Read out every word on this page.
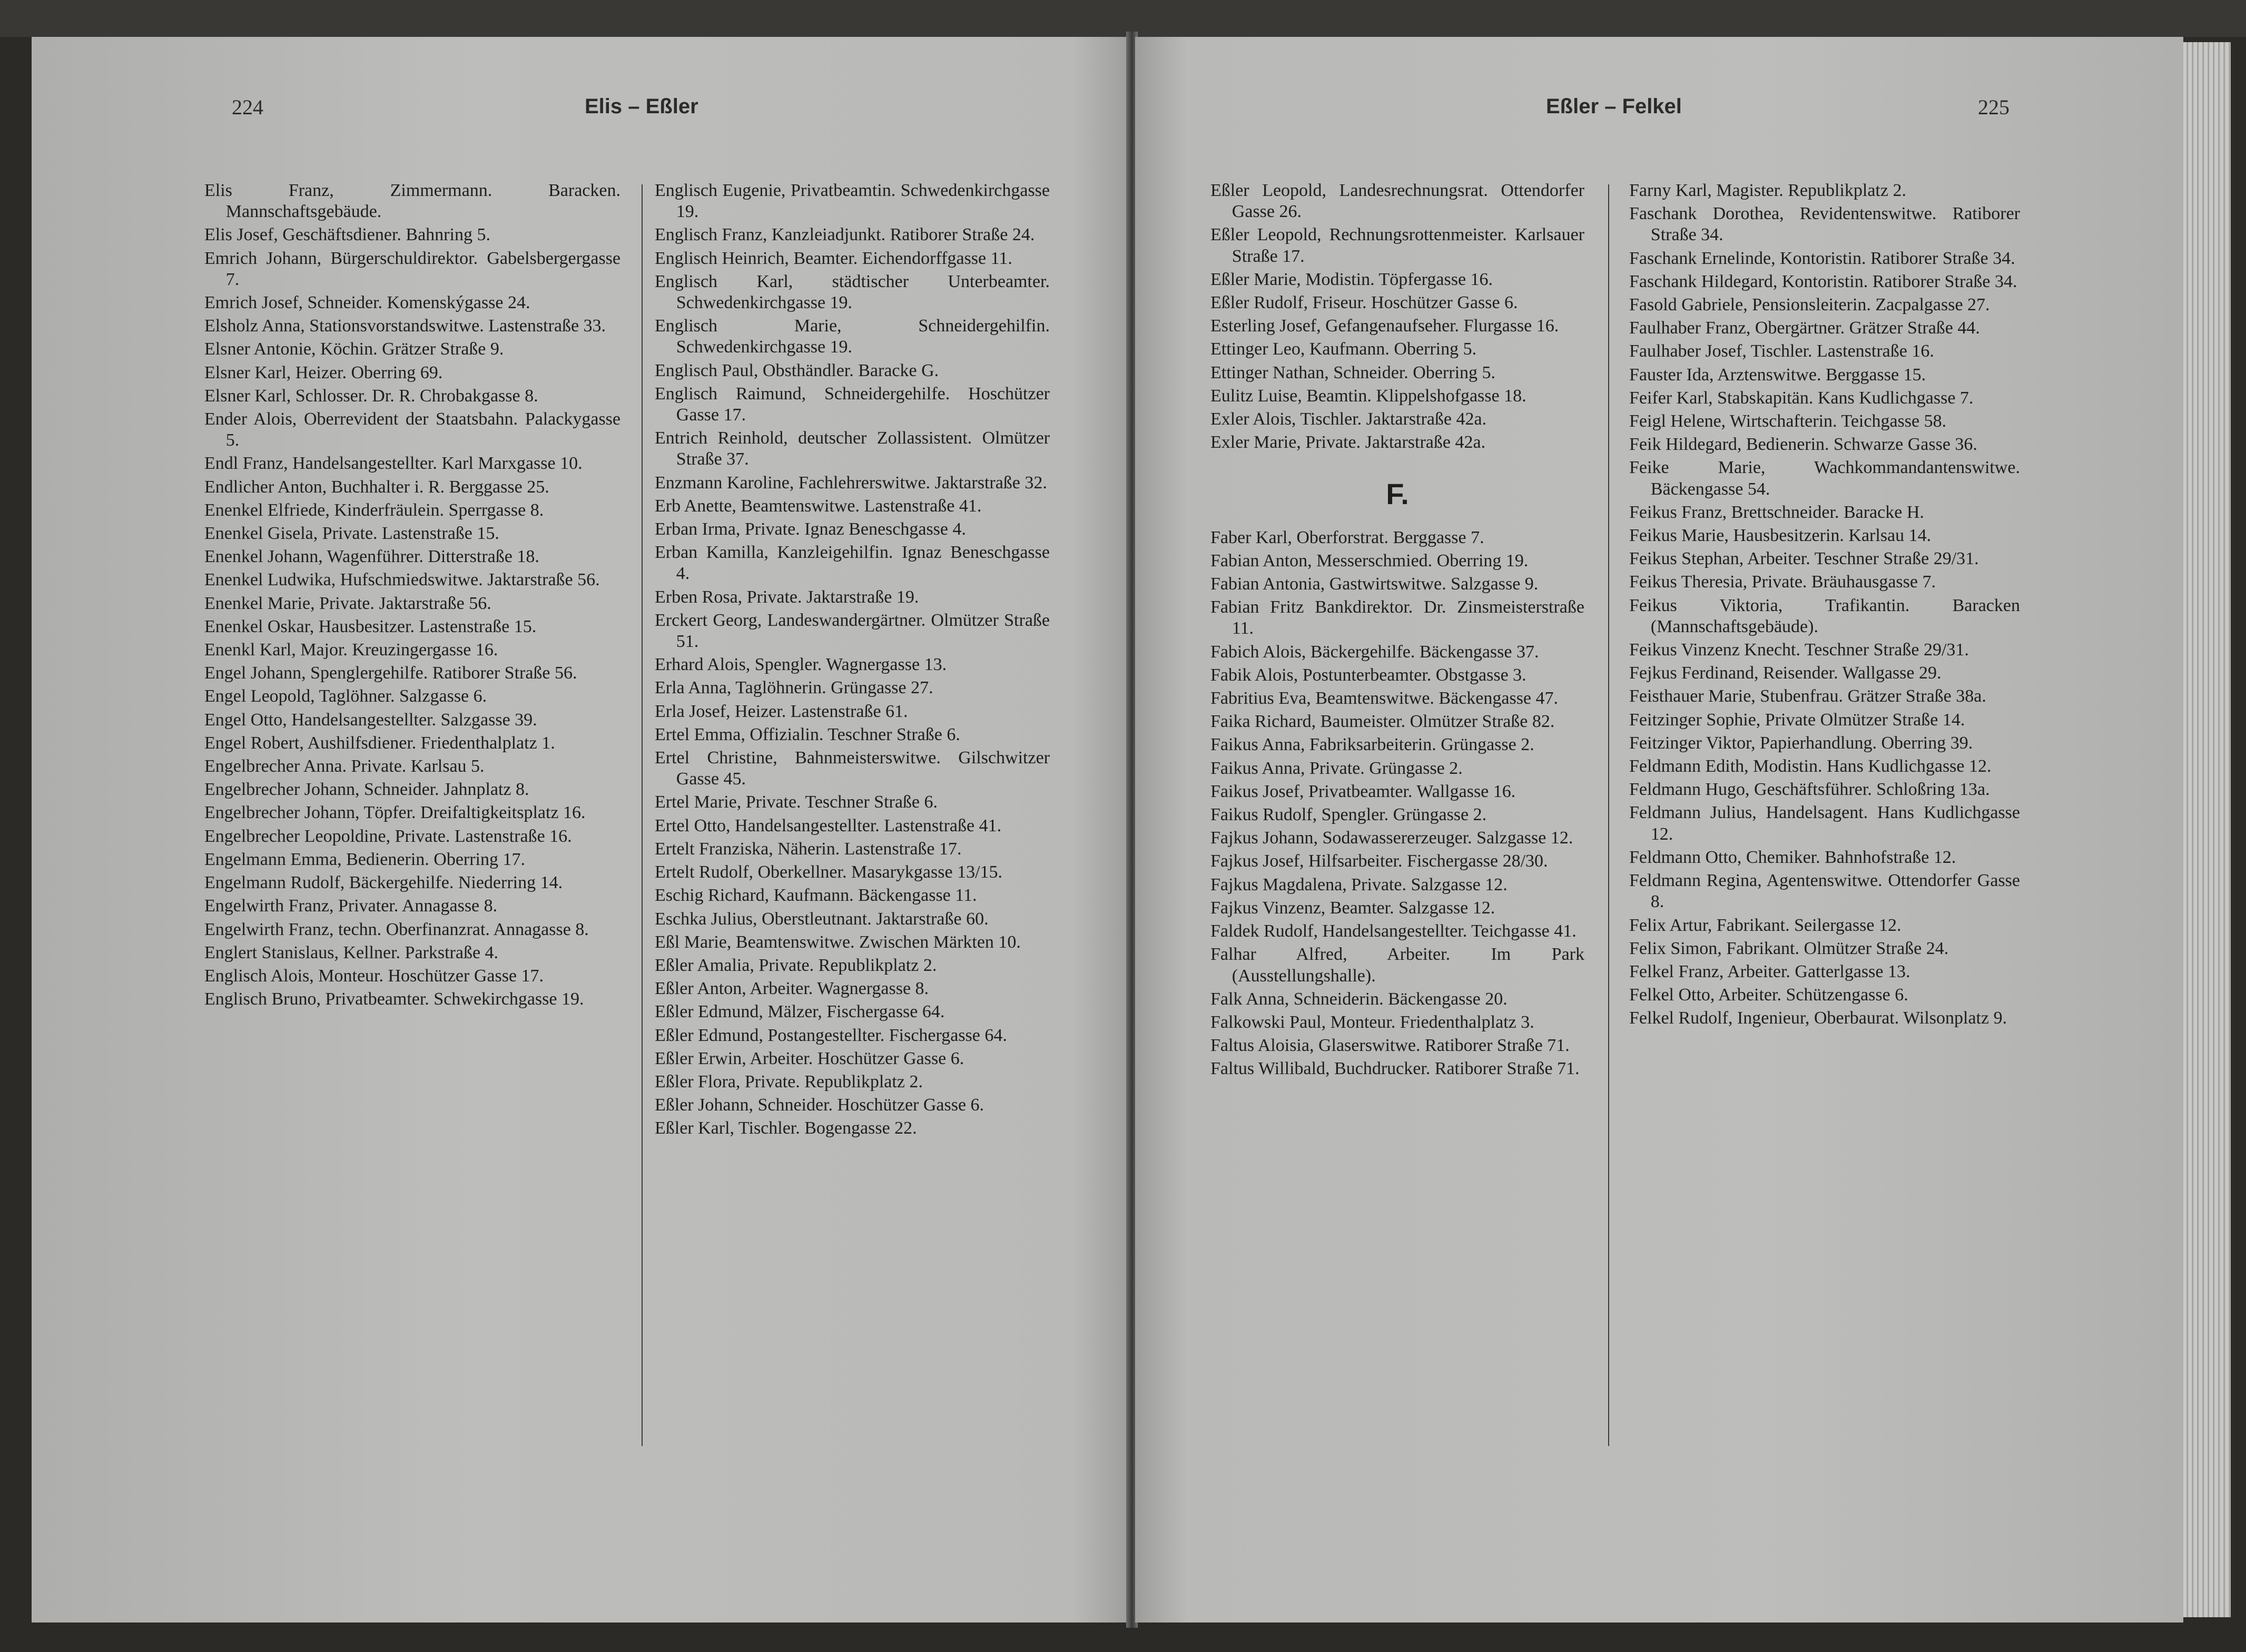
224	Elis – Eßler	Eßler – Felkel	225
Elis Franz, Zimmermann. Baracken. Mannschaftsgebäude.
Elis Josef, Geschäftsdiener. Bahnring 5.
Emrich Johann, Bürgerschuldirektor. Gabelsbergergasse 7.
Emrich Josef, Schneider. Komenskýgasse 24.
Elsholz Anna, Stationsvorstandswitwe. Lastenstraße 33.
Elsner Antonie, Köchin. Grätzer Straße 9.
Elsner Karl, Heizer. Oberring 69.
Elsner Karl, Schlosser. Dr. R. Chrobakgasse 8.
Ender Alois, Oberrevident der Staatsbahn. Palackygasse 5.
Endl Franz, Handelsangestellter. Karl Marxgasse 10.
Endlicher Anton, Buchhalter i. R. Berggasse 25.
Enenkel Elfriede, Kinderfräulein. Sperrgasse 8.
Enenkel Gisela, Private. Lastenstraße 15.
Enenkel Johann, Wagenführer. Ditterstraße 18.
Enenkel Ludwika, Hufschmiedswitwe. Jaktarstraße 56.
Enenkel Marie, Private. Jaktarstraße 56.
Enenkel Oskar, Hausbesitzer. Lastenstraße 15.
Enenkl Karl, Major. Kreuzingergasse 16.
Engel Johann, Spenglergehilfe. Ratiborer Straße 56.
Engel Leopold, Taglöhner. Salzgasse 6.
Engel Otto, Handelsangestellter. Salzgasse 39.
Engel Robert, Aushilfsdiener. Friedenthalplatz 1.
Engelbrecher Anna. Private. Karlsau 5.
Engelbrecher Johann, Schneider. Jahnplatz 8.
Engelbrecher Johann, Töpfer. Dreifaltigkeitsplatz 16.
Engelbrecher Leopoldine, Private. Lastenstraße 16.
Engelmann Emma, Bedienerin. Oberring 17.
Engelmann Rudolf, Bäckergehilfe. Niederring 14.
Engelwirth Franz, Privater. Annagasse 8.
Engelwirth Franz, techn. Oberfinanzrat. Annagasse 8.
Englert Stanislaus, Kellner. Parkstraße 4.
Englisch Alois, Monteur. Hoschützer Gasse 17.
Englisch Bruno, Privatbeamter. Schwekirchgasse 19.
Englisch Eugenie, Privatbeamtin. Schwedenkirchgasse 19.
Englisch Franz, Kanzleiadjunkt. Ratiborer Straße 24.
Englisch Heinrich, Beamter. Eichendorffgasse 11.
Englisch Karl, städtischer Unterbeamter. Schwedenkirchgasse 19.
Englisch Marie, Schneidergehilfin. Schwedenkirchgasse 19.
Englisch Paul, Obsthändler. Baracke G.
Englisch Raimund, Schneidergehilfe. Hoschützer Gasse 17.
Entrich Reinhold, deutscher Zollassistent. Olmützer Straße 37.
Enzmann Karoline, Fachlehrerswitwe. Jaktarstraße 32.
Erb Anette, Beamtenswitwe. Lastenstraße 41.
Erban Irma, Private. Ignaz Beneschgasse 4.
Erban Kamilla, Kanzleigehilfin. Ignaz Beneschgasse 4.
Erben Rosa, Private. Jaktarstraße 19.
Erckert Georg, Landeswandergärtner. Olmützer Straße 51.
Erhard Alois, Spengler. Wagnergasse 13.
Erla Anna, Taglöhnerin. Grüngasse 27.
Erla Josef, Heizer. Lastenstraße 61.
Ertel Emma, Offizialin. Teschner Straße 6.
Ertel Christine, Bahnmeisterswitwe. Gilschwitzer Gasse 45.
Ertel Marie, Private. Teschner Straße 6.
Ertel Otto, Handelsangestellter. Lastenstraße 41.
Ertelt Franziska, Näherin. Lastenstraße 17.
Ertelt Rudolf, Oberkellner. Masarykgasse 13/15.
Eschig Richard, Kaufmann. Bäckengasse 11.
Eschka Julius, Oberstleutnant. Jaktarstraße 60.
Eßl Marie, Beamtenswitwe. Zwischen Märkten 10.
Eßler Amalia, Private. Republikplatz 2.
Eßler Anton, Arbeiter. Wagnergasse 8.
Eßler Edmund, Mälzer, Fischergasse 64.
Eßler Edmund, Postangestellter. Fischergasse 64.
Eßler Erwin, Arbeiter. Hoschützer Gasse 6.
Eßler Flora, Private. Republikplatz 2.
Eßler Johann, Schneider. Hoschützer Gasse 6.
Eßler Karl, Tischler. Bogengasse 22.
Eßler Leopold, Landesrechnungsrat. Ottendorfer Gasse 26.
Eßler Leopold, Rechnungsrottenmeister. Karlsauer Straße 17.
Eßler Marie, Modistin. Töpfergasse 16.
Eßler Rudolf, Friseur. Hoschützer Gasse 6.
Esterling Josef, Gefangenaufseher. Flurgasse 16.
Ettinger Leo, Kaufmann. Oberring 5.
Ettinger Nathan, Schneider. Oberring 5.
Eulitz Luise, Beamtin. Klippelshofgasse 18.
Exler Alois, Tischler. Jaktarstraße 42a.
Exler Marie, Private. Jaktarstraße 42a.
F.
Faber Karl, Oberforstrat. Berggasse 7.
Fabian Anton, Messerschmied. Oberring 19.
Fabian Antonia, Gastwirtswitwe. Salzgasse 9.
Fabian Fritz Bankdirektor. Dr. Zinsmeisterstraße 11.
Fabich Alois, Bäckergehilfe. Bäckengasse 37.
Fabik Alois, Postunterbeamter. Obstgasse 3.
Fabritius Eva, Beamtenswitwe. Bäckengasse 47.
Faika Richard, Baumeister. Olmützer Straße 82.
Faikus Anna, Fabriksarbeiterin. Grüngasse 2.
Faikus Anna, Private. Grüngasse 2.
Faikus Josef, Privatbeamter. Wallgasse 16.
Faikus Rudolf, Spengler. Grüngasse 2.
Fajkus Johann, Sodawassererzeuger. Salzgasse 12.
Fajkus Josef, Hilfsarbeiter. Fischergasse 28/30.
Fajkus Magdalena, Private. Salzgasse 12.
Fajkus Vinzenz, Beamter. Salzgasse 12.
Faldek Rudolf, Handelsangestellter. Teichgasse 41.
Falhar Alfred, Arbeiter. Im Park (Ausstellungshalle).
Falk Anna, Schneiderin. Bäckengasse 20.
Falkowski Paul, Monteur. Friedenthalplatz 3.
Faltus Aloisia, Glaserswitwe. Ratiborer Straße 71.
Faltus Willibald, Buchdrucker. Ratiborer Straße 71.
Farny Karl, Magister. Republikplatz 2.
Faschank Dorothea, Revidentenswitwe. Ratiborer Straße 34.
Faschank Ernelinde, Kontoristin. Ratiborer Straße 34.
Faschank Hildegard, Kontoristin. Ratiborer Straße 34.
Fasold Gabriele, Pensionsleiterin. Zacpalgasse 27.
Faulhaber Franz, Obergärtner. Grätzer Straße 44.
Faulhaber Josef, Tischler. Lastenstraße 16.
Fauster Ida, Arztenswitwe. Berggasse 15.
Feifer Karl, Stabskapitän. Kans Kudlichgasse 7.
Feigl Helene, Wirtschafterin. Teichgasse 58.
Feik Hildegard, Bedienerin. Schwarze Gasse 36.
Feike Marie, Wachkommandantenswitwe. Bäckengasse 54.
Feikus Franz, Brettschneider. Baracke H.
Feikus Marie, Hausbesitzerin. Karlsau 14.
Feikus Stephan, Arbeiter. Teschner Straße 29/31.
Feikus Theresia, Private. Bräuhausgasse 7.
Feikus Viktoria, Trafikantin. Baracken (Mannschaftsgebäude).
Feikus Vinzenz Knecht. Teschner Straße 29/31.
Fejkus Ferdinand, Reisender. Wallgasse 29.
Feisthauer Marie, Stubenfrau. Grätzer Straße 38a.
Feitzinger Sophie, Private Olmützer Straße 14.
Feitzinger Viktor, Papierhandlung. Oberring 39.
Feldmann Edith, Modistin. Hans Kudlichgasse 12.
Feldmann Hugo, Geschäftsführer. Schloßring 13a.
Feldmann Julius, Handelsagent. Hans Kudlichgasse 12.
Feldmann Otto, Chemiker. Bahnhofstraße 12.
Feldmann Regina, Agentenswitwe. Ottendorfer Gasse 8.
Felix Artur, Fabrikant. Seilergasse 12.
Felix Simon, Fabrikant. Olmützer Straße 24.
Felkel Franz, Arbeiter. Gatterlgasse 13.
Felkel Otto, Arbeiter. Schützengasse 6.
Felkel Rudolf, Ingenieur, Oberbaurat. Wilsonplatz 9.
